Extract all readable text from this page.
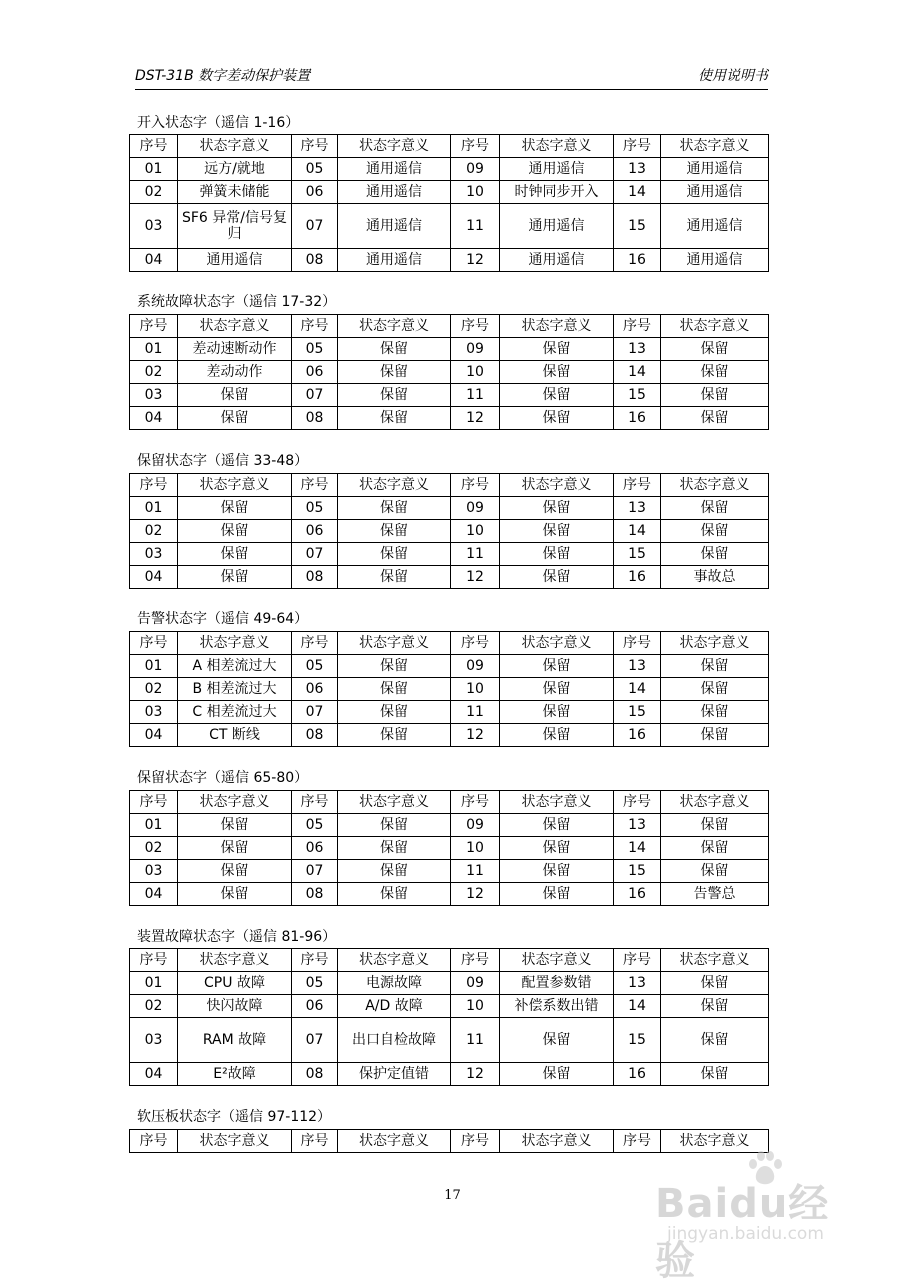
DST-31B 数字差动保护装置	使用说明书
开入状态字（遥信 1-16）
序号	状态字意义	序号	状态字意义	序号	状态字意义	序号	状态字意义
01	远方/就地	05	通用遥信	09	通用遥信	13	通用遥信
02	弹簧未储能	06	通用遥信	10	时钟同步开入	14	通用遥信
03	SF6 异常/信号复归	07	通用遥信	11	通用遥信	15	通用遥信
04	通用遥信	08	通用遥信	12	通用遥信	16	通用遥信
系统故障状态字（遥信 17-32）
序号	状态字意义	序号	状态字意义	序号	状态字意义	序号	状态字意义
01	差动速断动作	05	保留	09	保留	13	保留
02	差动动作	06	保留	10	保留	14	保留
03	保留	07	保留	11	保留	15	保留
04	保留	08	保留	12	保留	16	保留
保留状态字（遥信 33-48）
序号	状态字意义	序号	状态字意义	序号	状态字意义	序号	状态字意义
01	保留	05	保留	09	保留	13	保留
02	保留	06	保留	10	保留	14	保留
03	保留	07	保留	11	保留	15	保留
04	保留	08	保留	12	保留	16	事故总
告警状态字（遥信 49-64）
序号	状态字意义	序号	状态字意义	序号	状态字意义	序号	状态字意义
01	A 相差流过大	05	保留	09	保留	13	保留
02	B 相差流过大	06	保留	10	保留	14	保留
03	C 相差流过大	07	保留	11	保留	15	保留
04	CT 断线	08	保留	12	保留	16	保留
保留状态字（遥信 65-80）
序号	状态字意义	序号	状态字意义	序号	状态字意义	序号	状态字意义
01	保留	05	保留	09	保留	13	保留
02	保留	06	保留	10	保留	14	保留
03	保留	07	保留	11	保留	15	保留
04	保留	08	保留	12	保留	16	告警总
装置故障状态字（遥信 81-96）
序号	状态字意义	序号	状态字意义	序号	状态字意义	序号	状态字意义
01	CPU 故障	05	电源故障	09	配置参数错	13	保留
02	快闪故障	06	A/D 故障	10	补偿系数出错	14	保留
03	RAM 故障	07	出口自检故障	11	保留	15	保留
04	E²故障	08	保护定值错	12	保留	16	保留
软压板状态字（遥信 97-112）
序号	状态字意义	序号	状态字意义	序号	状态字意义	序号	状态字意义
17	Baidu经验
jingyan.baidu.com
